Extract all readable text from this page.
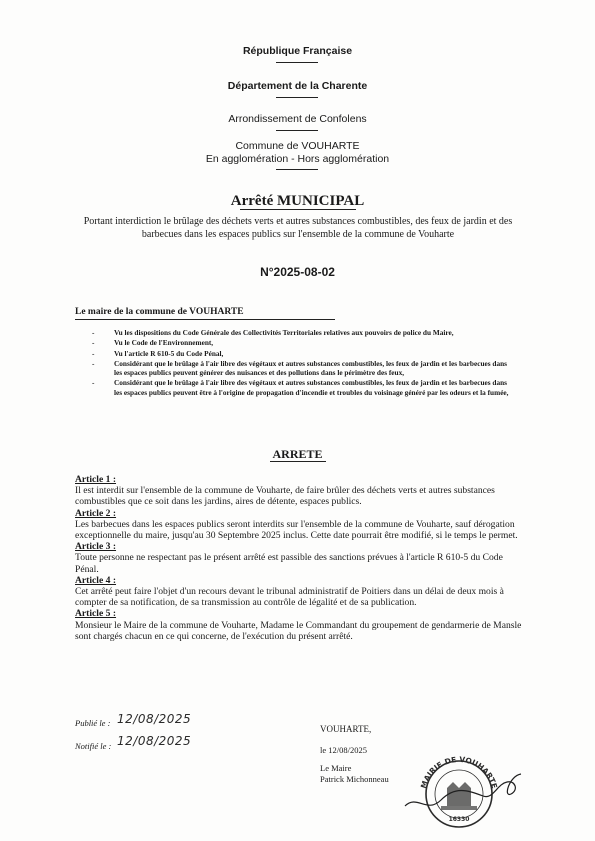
République Française
Département de la Charente
Arrondissement de Confolens
Commune de VOUHARTE
En agglomération - Hors agglomération
Arrêté MUNICIPAL
Portant interdiction le brûlage des déchets verts et autres substances combustibles, des feux de jardin et des barbecues dans les espaces publics sur l'ensemble de la commune de Vouharte
N°2025-08-02
Le maire de la commune de VOUHARTE
-	Vu les dispositions du Code Générale des Collectivités Territoriales relatives aux pouvoirs de police du Maire,
-	Vu le Code de l'Environnement,
-	Vu l'article R 610-5 du Code Pénal,
-	Considérant que le brûlage à l'air libre des végétaux et autres substances combustibles, les feux de jardin et les barbecues dans les espaces publics peuvent générer des nuisances et des pollutions dans le périmètre des feux,
-	Considérant que le brûlage à l'air libre des végétaux et autres substances combustibles, les feux de jardin et les barbecues dans les espaces publics peuvent être à l'origine de propagation d'incendie et troubles du voisinage généré par les odeurs et la fumée,
ARRETE
Article 1 :

Il est interdit sur l'ensemble de la commune de Vouharte, de faire brûler des déchets verts et autres substances combustibles que ce soit dans les jardins, aires de détente, espaces publics.

Article 2 :

Les barbecues dans les espaces publics seront interdits sur l'ensemble de la commune de Vouharte, sauf dérogation exceptionnelle du maire, jusqu'au 30 Septembre 2025 inclus. Cette date pourrait être modifié, si le temps le permet.

Article 3 :

Toute personne ne respectant pas le présent arrêté est passible des sanctions prévues à l'article R 610-5 du Code Pénal.

Article 4 :

Cet arrêté peut faire l'objet d'un recours devant le tribunal administratif de Poitiers dans un délai de deux mois à compter de sa notification, de sa transmission au contrôle de légalité et de sa publication.

Article 5 :

Monsieur le Maire de la commune de Vouharte, Madame le Commandant du groupement de gendarmerie de Mansle sont chargés chacun en ce qui concerne, de l'exécution du présent arrêté.

Publié le : 12/08/2025
Notifié le : 12/08/2025
VOUHARTE,
le 12/08/2025
Le Maire
Patrick Michonneau
MAIRIE DE VOUHARTE
16330
